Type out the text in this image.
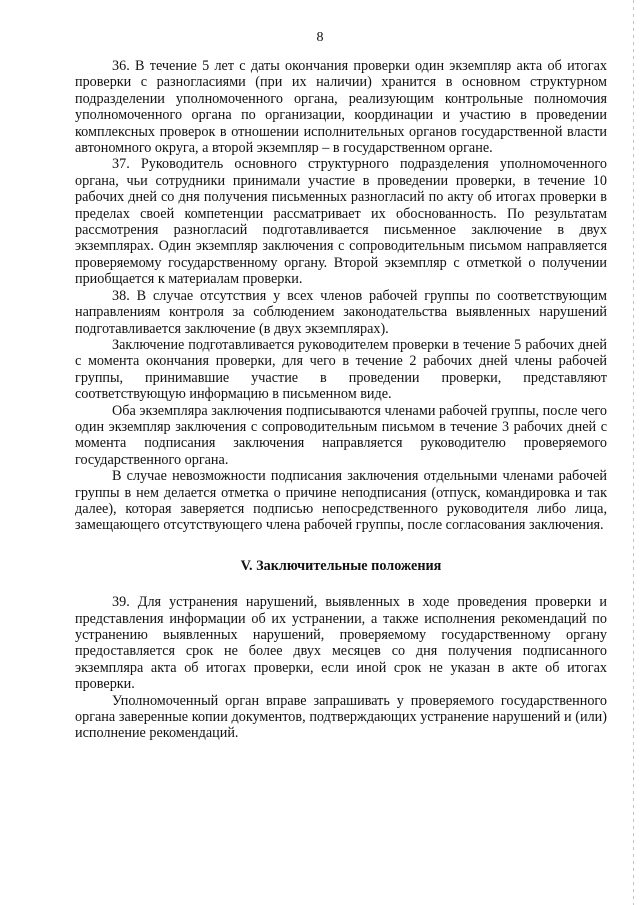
8

36. В течение 5 лет с даты окончания проверки один экземпляр акта об итогах проверки с разногласиями (при их наличии) хранится в основном структурном подразделении уполномоченного органа, реализующим контрольные полномочия уполномоченного органа по организации, координации и участию в проведении комплексных проверок в отношении исполнительных органов государственной власти автономного округа, а второй экземпляр – в государственном органе.

37. Руководитель основного структурного подразделения уполномоченного органа, чьи сотрудники принимали участие в проведении проверки, в течение 10 рабочих дней со дня получения письменных разногласий по акту об итогах проверки в пределах своей компетенции рассматривает их обоснованность. По результатам рассмотрения разногласий подготавливается письменное заключение в двух экземплярах. Один экземпляр заключения с сопроводительным письмом направляется проверяемому государственному органу. Второй экземпляр с отметкой о получении приобщается к материалам проверки.

38. В случае отсутствия у всех членов рабочей группы по соответствующим направлениям контроля за соблюдением законодательства выявленных нарушений подготавливается заключение (в двух экземплярах).

Заключение подготавливается руководителем проверки в течение 5 рабочих дней с момента окончания проверки, для чего в течение 2 рабочих дней члены рабочей группы, принимавшие участие в проведении проверки, представляют соответствующую информацию в письменном виде.

Оба экземпляра заключения подписываются членами рабочей группы, после чего один экземпляр заключения с сопроводительным письмом в течение 3 рабочих дней с момента подписания заключения направляется руководителю проверяемого государственного органа.

В случае невозможности подписания заключения отдельными членами рабочей группы в нем делается отметка о причине неподписания (отпуск, командировка и так далее), которая заверяется подписью непосредственного руководителя либо лица, замещающего отсутствующего члена рабочей группы, после согласования заключения.

V. Заключительные положения

39. Для устранения нарушений, выявленных в ходе проведения проверки и представления информации об их устранении, а также исполнения рекомендаций по устранению выявленных нарушений, проверяемому государственному органу предоставляется срок не более двух месяцев со дня получения подписанного экземпляра акта об итогах проверки, если иной срок не указан в акте об итогах проверки.

Уполномоченный орган вправе запрашивать у проверяемого государственного органа заверенные копии документов, подтверждающих устранение нарушений и (или) исполнение рекомендаций.
